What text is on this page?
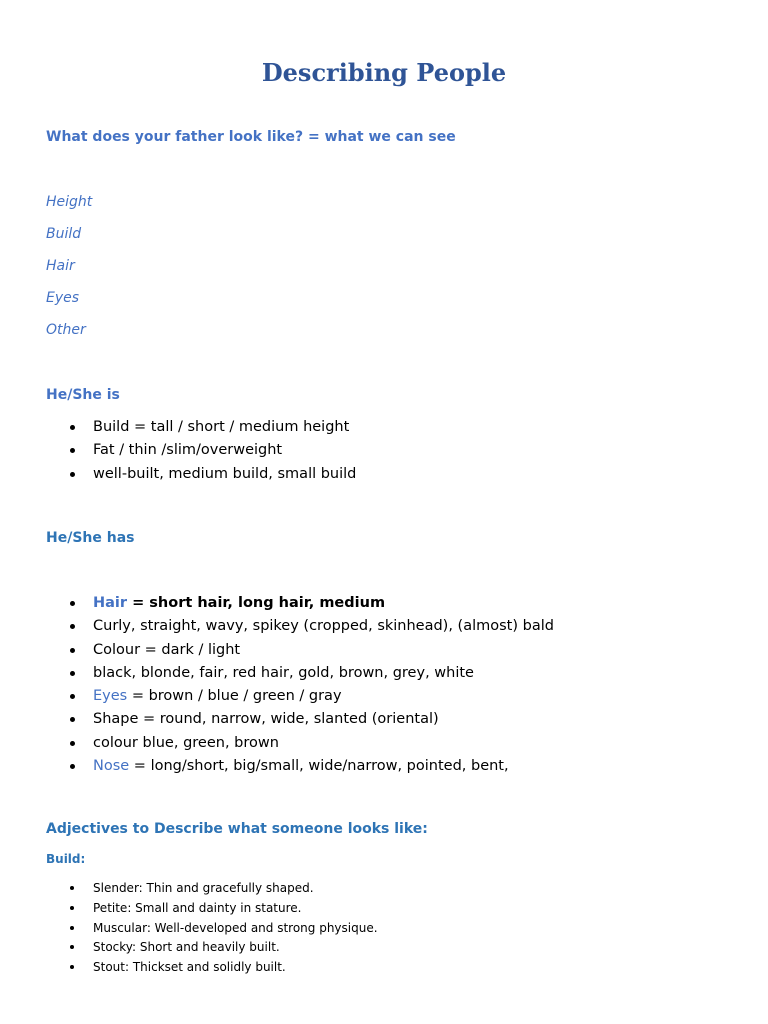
Describing People

What does your father look like? = what we can see

Height

Build

Hair

Eyes

Other

He/She is

Build = tall / short / medium height
Fat / thin /slim/overweight
well-built, medium build, small build

He/She has

Hair = short hair, long hair, medium
Curly, straight, wavy, spikey (cropped, skinhead), (almost) bald
Colour = dark / light
black, blonde, fair, red hair, gold, brown, grey, white
Eyes = brown / blue / green / gray
Shape = round, narrow, wide, slanted (oriental)
colour blue, green, brown
Nose = long/short, big/small, wide/narrow, pointed, bent,

Adjectives to Describe what someone looks like:

Build:

Slender: Thin and gracefully shaped.
Petite: Small and dainty in stature.
Muscular: Well-developed and strong physique.
Stocky: Short and heavily built.
Stout: Thickset and solidly built.
